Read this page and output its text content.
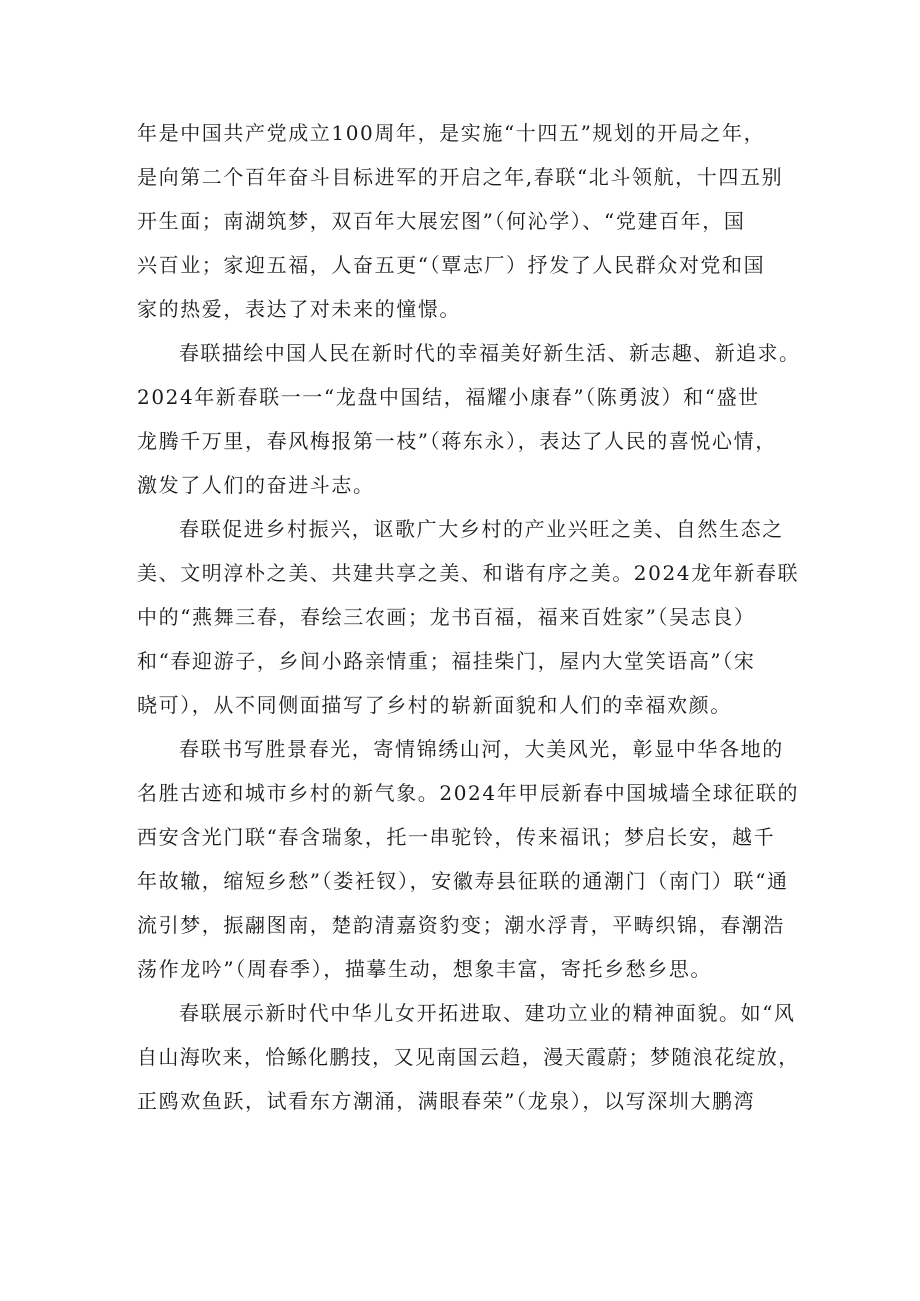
年是中国共产党成立100周年，是实施“十四五”规划的开局之年，
是向第二个百年奋斗目标进军的开启之年,春联“北斗领航，十四五别
开生面；南湖筑梦，双百年大展宏图”（何沁学）、“党建百年，国
兴百业；家迎五福，人奋五更“（覃志厂）抒发了人民群众对党和国
家的热爱，表达了对未来的憧憬。
春联描绘中国人民在新时代的幸福美好新生活、新志趣、新追求。
2024年新春联一一“龙盘中国结，福耀小康春”（陈勇波）和“盛世
龙腾千万里，春风梅报第一枝”（蒋东永），表达了人民的喜悦心情，
激发了人们的奋进斗志。
春联促进乡村振兴，讴歌广大乡村的产业兴旺之美、自然生态之
美、文明淳朴之美、共建共享之美、和谐有序之美。2024龙年新春联
中的“燕舞三春，春绘三农画；龙书百福，福来百姓家”（吴志良）
和“春迎游子，乡间小路亲情重；福挂柴门，屋内大堂笑语高”（宋
晓可），从不同侧面描写了乡村的崭新面貌和人们的幸福欢颜。
春联书写胜景春光，寄情锦绣山河，大美风光，彰显中华各地的
名胜古迹和城市乡村的新气象。2024年甲辰新春中国城墙全球征联的
西安含光门联“春含瑞象，托一串驼铃，传来福讯；梦启长安，越千
年故辙，缩短乡愁”（娄衽钗），安徽寿县征联的通潮门（南门）联“通
流引梦，振翮图南，楚韵清嘉资豹变；潮水浮青，平畴织锦，春潮浩
荡作龙吟”（周春季），描摹生动，想象丰富，寄托乡愁乡思。
春联展示新时代中华儿女开拓进取、建功立业的精神面貌。如“风
自山海吹来，恰鲧化鹏技，又见南国云趋，漫天霞蔚；梦随浪花绽放，
正鸥欢鱼跃，试看东方潮涌，满眼春荣”（龙泉），以写深圳大鹏湾
